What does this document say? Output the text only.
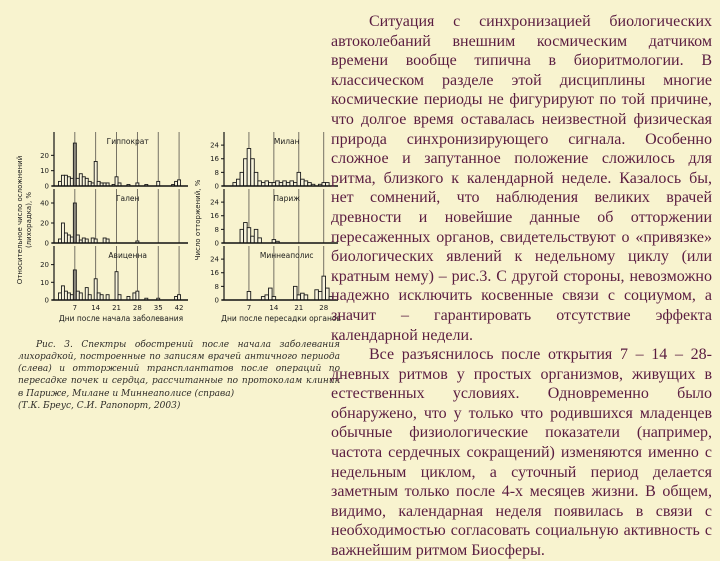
0
10
20
Гиппократ
0
20
40
Гален
0
10
20
Авиценна
7 14 21 28 35 42
Дни после начала заболевания
Относительное число осложнений (лихорадка), %
0
8
16
24	Милан
0
8
16
24	Париж
0
8
16
24	Миннеаполис
7	14 21 28
Дни после пересадки органов
Число отторжений, %

Рис. 3. Спектры обострений после начала заболевания лихорадкой, построенные по записям врачей античного периода (слева) и отторжений трансплантатов после операций по пересадке почек и сердца, рассчитанные по протоколам клиник в Париже, Милане и Миннеаполисе (справа)
(Т.К. Бреус, С.И. Рапопорт, 2003)

Ситуация с синхронизацией биологических автоколебаний внешним космическим датчиком времени вообще типична в биоритмологии. В классическом разделе этой дисциплины многие космические периоды не фигурируют по той причине, что долгое время оставалась неизвестной физическая природа синхронизирующего сигнала. Особенно сложное и запутанное положение сложилось для ритма, близкого к календарной неделе. Казалось бы, нет сомнений, что наблюдения великих врачей древности и новейшие данные об отторжении пересаженных органов, свидетельствуют о «привязке» биологических явлений к недельному циклу (или кратным нему) – рис.3. С другой стороны, невозможно надежно исключить косвенные связи с социумом, а значит – гарантировать отсутствие эффекта календарной недели.

Все разъяснилось после открытия 7 – 14 – 28-дневных ритмов у простых организмов, живущих в естественных условиях. Одновременно было обнаружено, что у только что родившихся младенцев обычные физиологические показатели (например, частота сердечных сокращений) изменяются именно с недельным циклом, а суточный период делается заметным только после 4-х месяцев жизни. В общем, видимо, календарная неделя появилась в связи с необходимостью согласовать социальную активность с важнейшим ритмом Биосферы.
